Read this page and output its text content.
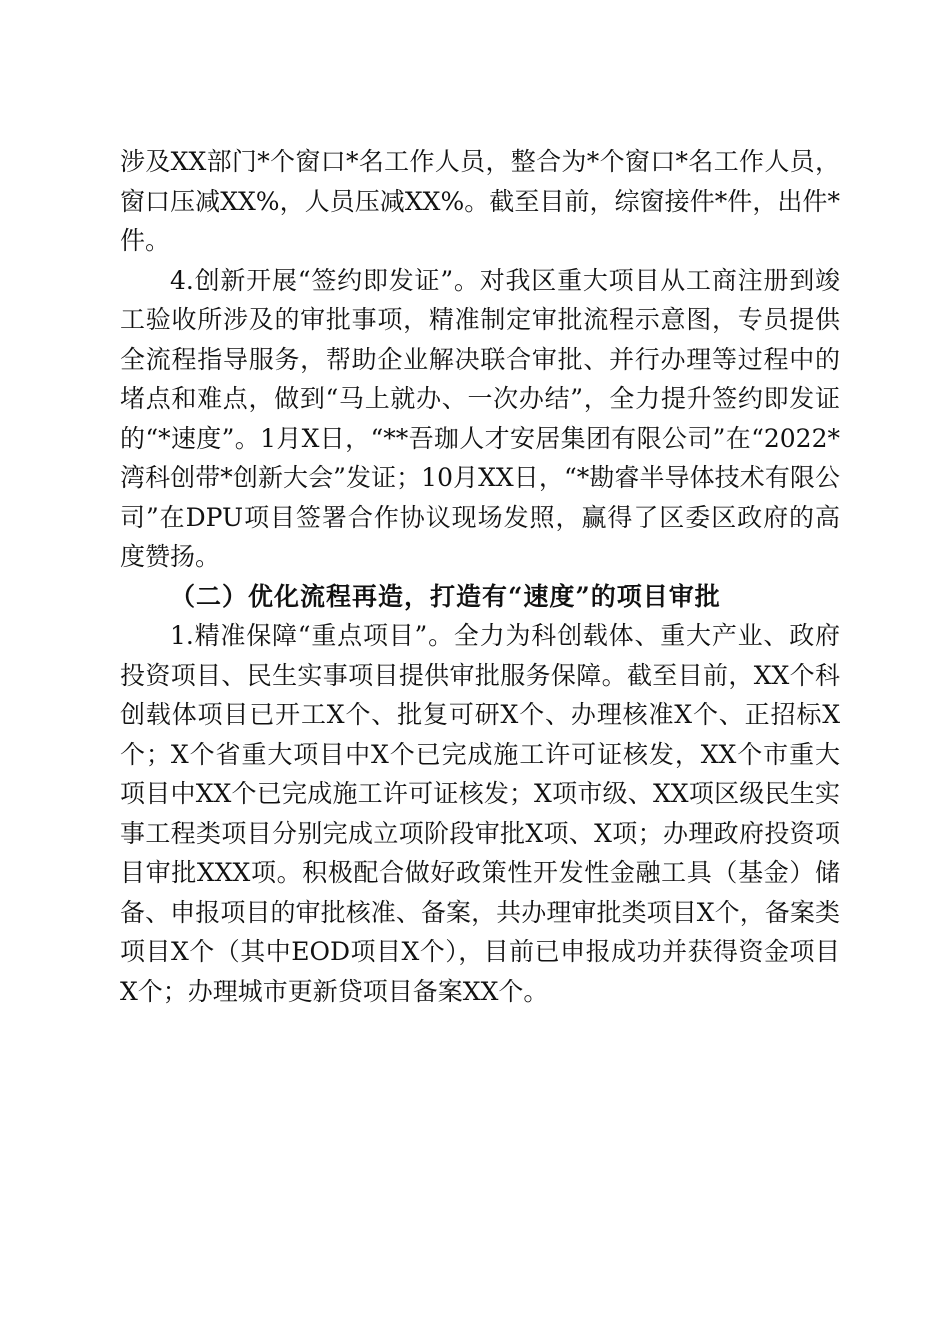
涉及XX部门*个窗口*名工作人员，整合为*个窗口*名工作人员，窗口压减XX%，人员压减XX%。截至目前，综窗接件*件，出件*件。

4.创新开展“签约即发证”。对我区重大项目从工商注册到竣工验收所涉及的审批事项，精准制定审批流程示意图，专员提供全流程指导服务，帮助企业解决联合审批、并行办理等过程中的堵点和难点，做到“马上就办、一次办结”，全力提升签约即发证的“*速度”。1月X日，“**吾珈人才安居集团有限公司”在“2022*湾科创带*创新大会”发证；10月XX日，“*勘睿半导体技术有限公司”在DPU项目签署合作协议现场发照，赢得了区委区政府的高度赞扬。

（二）优化流程再造，打造有“速度”的项目审批

1.精准保障“重点项目”。全力为科创载体、重大产业、政府投资项目、民生实事项目提供审批服务保障。截至目前，XX个科创载体项目已开工X个、批复可研X个、办理核准X个、正招标X个；X个省重大项目中X个已完成施工许可证核发，XX个市重大项目中XX个已完成施工许可证核发；X项市级、XX项区级民生实事工程类项目分别完成立项阶段审批X项、X项；办理政府投资项目审批XXX项。积极配合做好政策性开发性金融工具（基金）储备、申报项目的审批核准、备案，共办理审批类项目X个，备案类项目X个（其中EOD项目X个），目前已申报成功并获得资金项目X个；办理城市更新贷项目备案XX个。
